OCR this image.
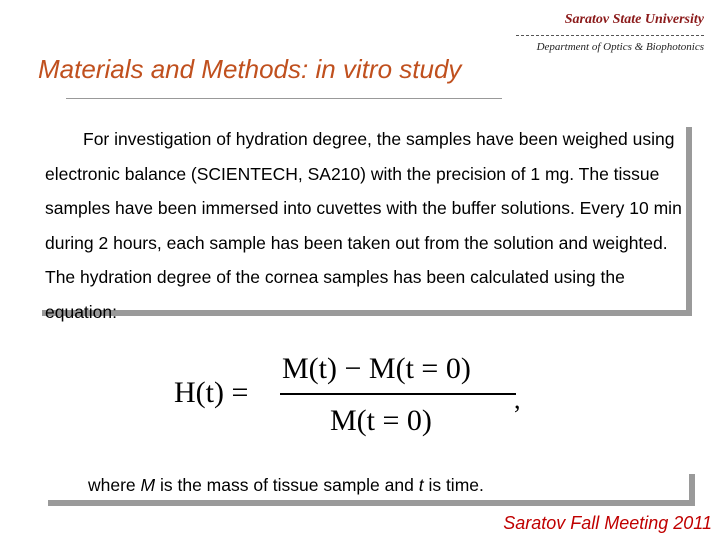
Saratov State University
Department of Optics & Biophotonics
Materials and Methods: in vitro study

For investigation of hydration degree, the samples have been weighed using electronic balance (SCIENTECH, SA210) with the precision of 1 mg. The tissue samples have been immersed into cuvettes with the buffer solutions. Every 10 min during 2 hours, each sample has been taken out from the solution and weighted. The hydration degree of the cornea samples has been calculated using the equation:

H(t) =
M(t) − M(t = 0)
M(t = 0)
,
where M is the mass of tissue sample and t is time.
Saratov Fall Meeting 2011
